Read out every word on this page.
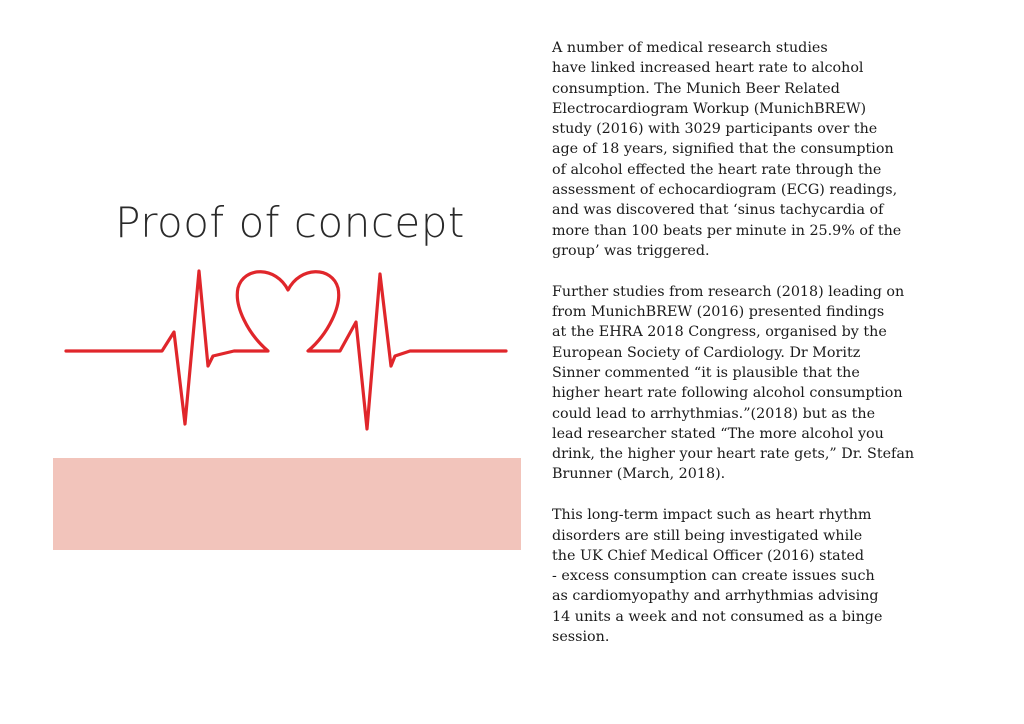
Proof of concept

A number of medical research studies
have linked increased heart rate to alcohol
consumption. The Munich Beer Related
Electrocardiogram Workup (MunichBREW)
study (2016) with 3029 participants over the
age of 18 years, signified that the consumption
of alcohol effected the heart rate through the
assessment of echocardiogram (ECG) readings,
and was discovered that ‘sinus tachycardia of
more than 100 beats per minute in 25.9% of the
group’ was triggered.

Further studies from research (2018) leading on
from MunichBREW (2016) presented findings
at the EHRA 2018 Congress, organised by the
European Society of Cardiology. Dr Moritz
Sinner commented “it is plausible that the
higher heart rate following alcohol consumption
could lead to arrhythmias.”(2018) but as the
lead researcher stated “The more alcohol you
drink, the higher your heart rate gets,” Dr. Stefan
Brunner (March, 2018).

This long-term impact such as heart rhythm
disorders are still being investigated while
the UK Chief Medical Officer (2016) stated
- excess consumption can create issues such
as cardiomyopathy and arrhythmias advising
14 units a week and not consumed as a binge
session.
